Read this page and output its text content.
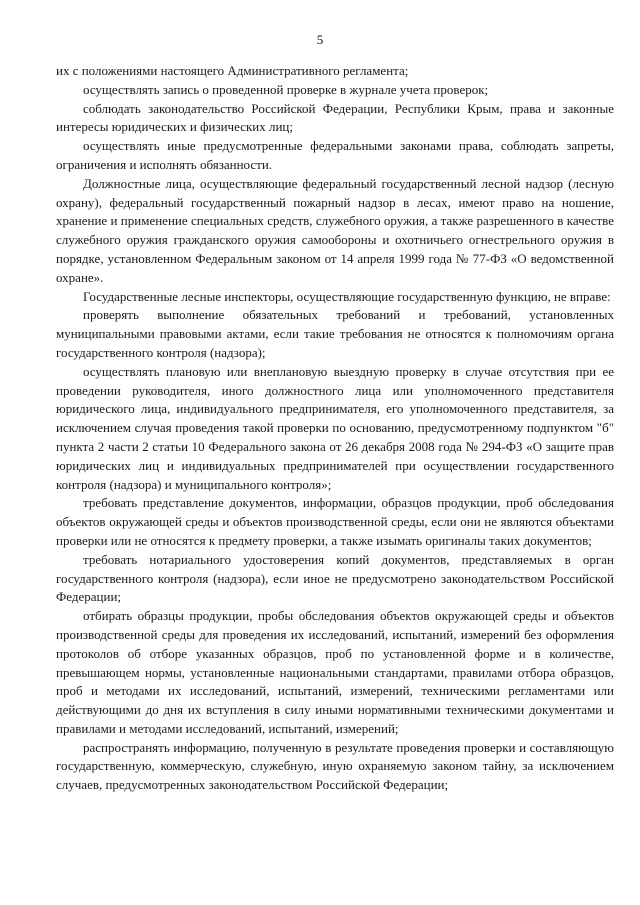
5

их с положениями настоящего Административного регламента;

осуществлять запись о проведенной проверке в журнале учета проверок;

соблюдать законодательство Российской Федерации, Республики Крым, права и законные интересы юридических и физических лиц;

осуществлять иные предусмотренные федеральными законами права, соблюдать запреты, ограничения и исполнять обязанности.

Должностные лица, осуществляющие федеральный государственный лесной надзор (лесную охрану), федеральный государственный пожарный надзор в лесах, имеют право на ношение, хранение и применение специальных средств, служебного оружия, а также разрешенного в качестве служебного оружия гражданского оружия самообороны и охотничьего огнестрельного оружия в порядке, установленном Федеральным законом от 14 апреля 1999 года № 77-ФЗ «О ведомственной охране».

Государственные лесные инспекторы, осуществляющие государственную функцию, не вправе:

проверять выполнение обязательных требований и требований, установленных муниципальными правовыми актами, если такие требования не относятся к полномочиям органа государственного контроля (надзора);

осуществлять плановую или внеплановую выездную проверку в случае отсутствия при ее проведении руководителя, иного должностного лица или уполномоченного представителя юридического лица, индивидуального предпринимателя, его уполномоченного представителя, за исключением случая проведения такой проверки по основанию, предусмотренному подпунктом "б" пункта 2 части 2 статьи 10 Федерального закона от 26 декабря 2008 года № 294-ФЗ «О защите прав юридических лиц и индивидуальных предпринимателей при осуществлении государственного контроля (надзора) и муниципального контроля»;

требовать представление документов, информации, образцов продукции, проб обследования объектов окружающей среды и объектов производственной среды, если они не являются объектами проверки или не относятся к предмету проверки, а также изымать оригиналы таких документов;

требовать нотариального удостоверения копий документов, представляемых в орган государственного контроля (надзора), если иное не предусмотрено законодательством Российской Федерации;

отбирать образцы продукции, пробы обследования объектов окружающей среды и объектов производственной среды для проведения их исследований, испытаний, измерений без оформления протоколов об отборе указанных образцов, проб по установленной форме и в количестве, превышающем нормы, установленные национальными стандартами, правилами отбора образцов, проб и методами их исследований, испытаний, измерений, техническими регламентами или действующими до дня их вступления в силу иными нормативными техническими документами и правилами и методами исследований, испытаний, измерений;

распространять информацию, полученную в результате проведения проверки и составляющую государственную, коммерческую, служебную, иную охраняемую законом тайну, за исключением случаев, предусмотренных законодательством Российской Федерации;
